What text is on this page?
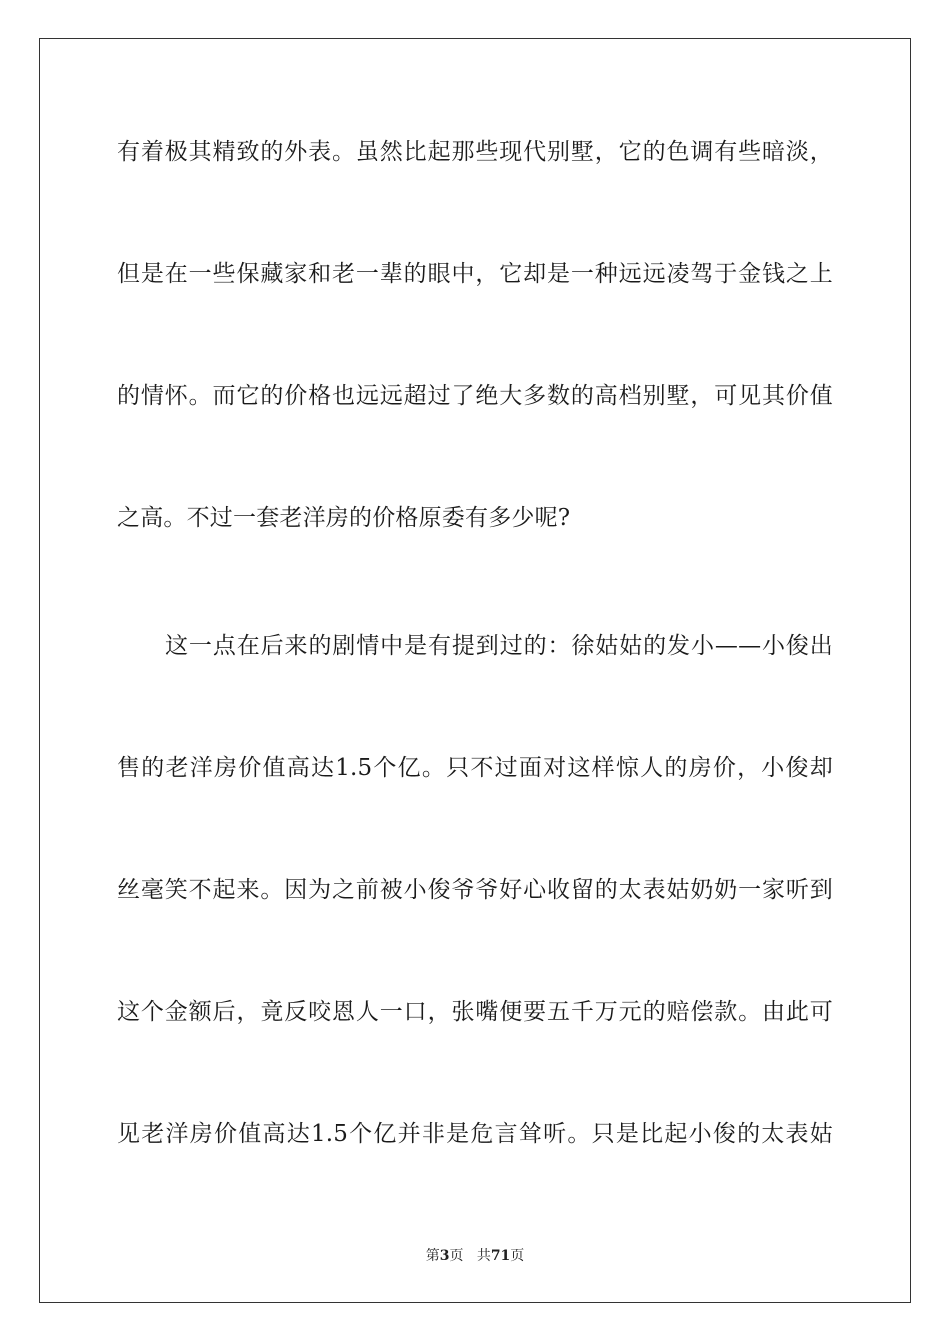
有着极其精致的外表。虽然比起那些现代别墅，它的色调有些暗淡，
但是在一些保藏家和老一辈的眼中，它却是一种远远凌驾于金钱之上
的情怀。而它的价格也远远超过了绝大多数的高档别墅，可见其价值
之高。不过一套老洋房的价格原委有多少呢?
这一点在后来的剧情中是有提到过的：徐姑姑的发小——小俊出
售的老洋房价值高达1.5个亿。只不过面对这样惊人的房价，小俊却
丝毫笑不起来。因为之前被小俊爷爷好心收留的太表姑奶奶一家听到
这个金额后，竟反咬恩人一口，张嘴便要五千万元的赔偿款。由此可
见老洋房价值高达1.5个亿并非是危言耸听。只是比起小俊的太表姑
第3页 共71页
